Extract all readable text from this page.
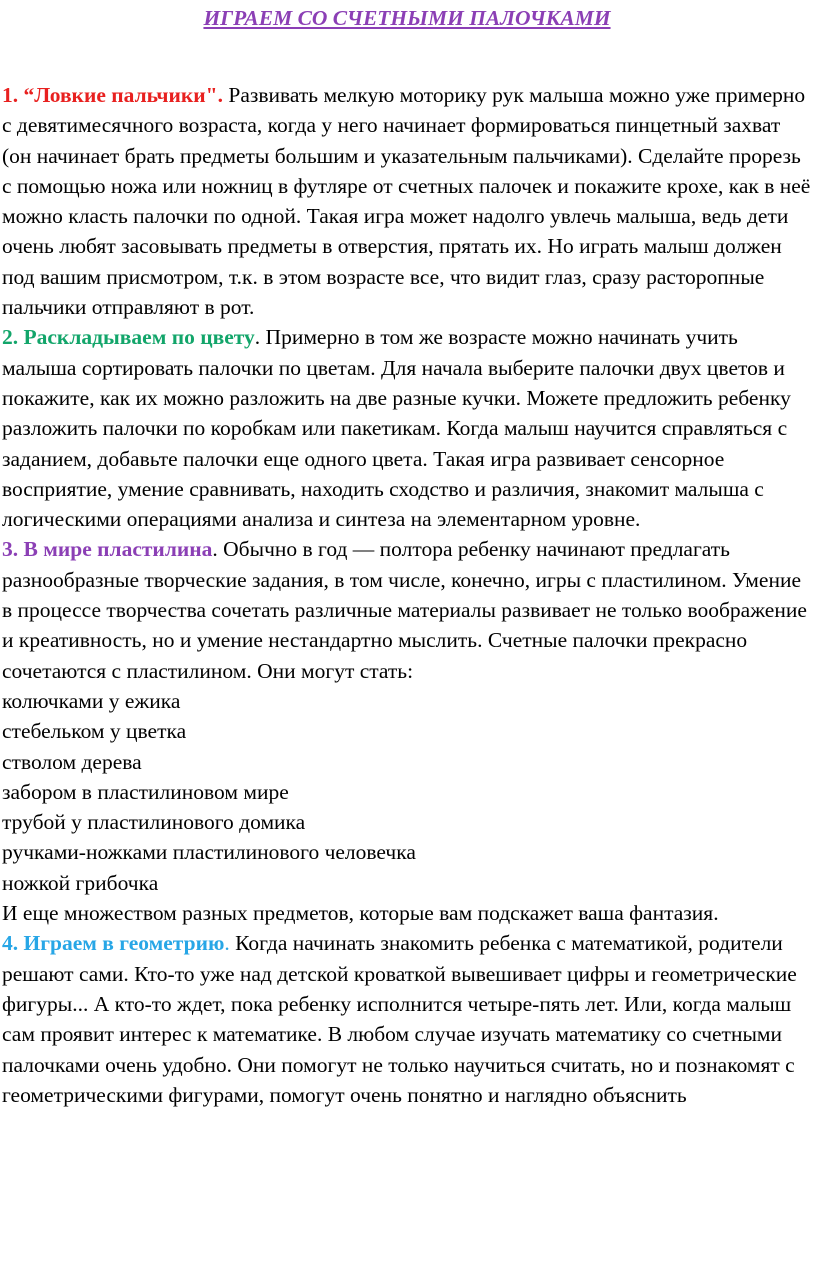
ИГРАЕМ СО СЧЕТНЫМИ ПАЛОЧКАМИ

1. “Ловкие пальчики". Развивать мелкую моторику рук малыша можно уже примерно с девятимесячного возраста, когда у него начинает формироваться пинцетный захват (он начинает брать предметы большим и указательным пальчиками). Сделайте прорезь с помощью ножа или ножниц в футляре от счетных палочек и покажите крохе, как в неё можно класть палочки по одной. Такая игра может надолго увлечь малыша, ведь дети очень любят засовывать предметы в отверстия, прятать их. Но играть малыш должен под вашим присмотром, т.к. в этом возрасте все, что видит глаз, сразу расторопные пальчики отправляют в рот.

2. Раскладываем по цвету. Примерно в том же возрасте можно начинать учить малыша сортировать палочки по цветам. Для начала выберите палочки двух цветов и покажите, как их можно разложить на две разные кучки. Можете предложить ребенку разложить палочки по коробкам или пакетикам. Когда малыш научится справляться с заданием, добавьте палочки еще одного цвета. Такая игра развивает сенсорное восприятие, умение сравнивать, находить сходство и различия, знакомит малыша с логическими операциями анализа и синтеза на элементарном уровне.

3. В мире пластилина. Обычно в год — полтора ребенку начинают предлагать разнообразные творческие задания, в том числе, конечно, игры с пластилином. Умение в процессе творчества сочетать различные материалы развивает не только воображение и креативность, но и умение нестандартно мыслить. Счетные палочки прекрасно сочетаются с пластилином. Они могут стать:

колючками у ежика
стебельком у цветка
стволом дерева
забором в пластилиновом мире
трубой у пластилинового домика
ручками-ножками пластилинового человечка
ножкой грибочка

И еще множеством разных предметов, которые вам подскажет ваша фантазия.

4. Играем в геометрию. Когда начинать знакомить ребенка с математикой, родители решают сами. Кто-то уже над детской кроваткой вывешивает цифры и геометрические фигуры... А кто-то ждет, пока ребенку исполнится четыре-пять лет. Или, когда малыш сам проявит интерес к математике. В любом случае изучать математику со счетными палочками очень удобно. Они помогут не только научиться считать, но и познакомят с геометрическими фигурами, помогут очень понятно и наглядно объяснить
